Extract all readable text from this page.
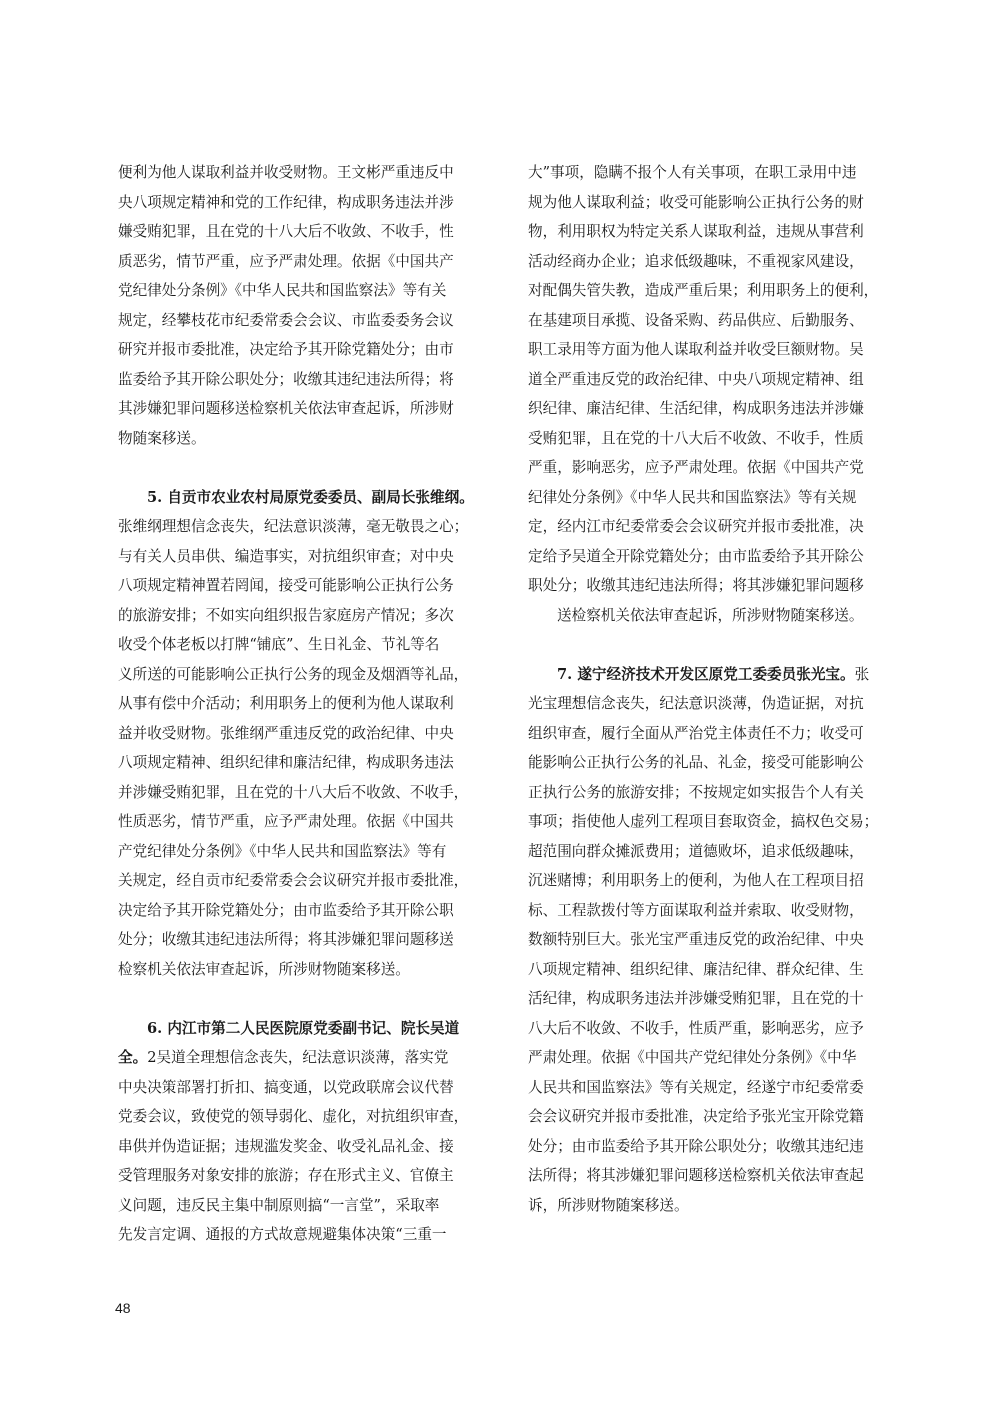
便利为他人谋取利益并收受财物。王文彬严重违反中
央八项规定精神和党的工作纪律，构成职务违法并涉
嫌受贿犯罪，且在党的十八大后不收敛、不收手，性
质恶劣，情节严重，应予严肃处理。依据《中国共产
党纪律处分条例》《中华人民共和国监察法》等有关
规定，经攀枝花市纪委常委会会议、市监委委务会议
研究并报市委批准，决定给予其开除党籍处分；由市
监委给予其开除公职处分；收缴其违纪违法所得；将
其涉嫌犯罪问题移送检察机关依法审查起诉，所涉财
物随案移送。
5. 自贡市农业农村局原党委委员、副局长张维纲。
张维纲理想信念丧失，纪法意识淡薄，毫无敬畏之心；
与有关人员串供、编造事实，对抗组织审查；对中央
八项规定精神置若罔闻，接受可能影响公正执行公务
的旅游安排；不如实向组织报告家庭房产情况；多次
收受个体老板以打牌“铺底”、生日礼金、节礼等名
义所送的可能影响公正执行公务的现金及烟酒等礼品，
从事有偿中介活动；利用职务上的便利为他人谋取利
益并收受财物。张维纲严重违反党的政治纪律、中央
八项规定精神、组织纪律和廉洁纪律，构成职务违法
并涉嫌受贿犯罪，且在党的十八大后不收敛、不收手，
性质恶劣，情节严重，应予严肃处理。依据《中国共
产党纪律处分条例》《中华人民共和国监察法》等有
关规定，经自贡市纪委常委会会议研究并报市委批准，
决定给予其开除党籍处分；由市监委给予其开除公职
处分；收缴其违纪违法所得；将其涉嫌犯罪问题移送
检察机关依法审查起诉，所涉财物随案移送。
6. 内江市第二人民医院原党委副书记、院长吴道
全。2吴道全理想信念丧失，纪法意识淡薄，落实党
中央决策部署打折扣、搞变通，以党政联席会议代替
党委会议，致使党的领导弱化、虚化，对抗组织审查，
串供并伪造证据；违规滥发奖金、收受礼品礼金、接
受管理服务对象安排的旅游；存在形式主义、官僚主
义问题，违反民主集中制原则搞“一言堂”，采取率
先发言定调、通报的方式故意规避集体决策“三重一
大”事项，隐瞒不报个人有关事项，在职工录用中违
规为他人谋取利益；收受可能影响公正执行公务的财
物，利用职权为特定关系人谋取利益，违规从事营利
活动经商办企业；追求低级趣味，不重视家风建设，
对配偶失管失教，造成严重后果；利用职务上的便利，
在基建项目承揽、设备采购、药品供应、后勤服务、
职工录用等方面为他人谋取利益并收受巨额财物。吴
道全严重违反党的政治纪律、中央八项规定精神、组
织纪律、廉洁纪律、生活纪律，构成职务违法并涉嫌
受贿犯罪，且在党的十八大后不收敛、不收手，性质
严重，影响恶劣，应予严肃处理。依据《中国共产党
纪律处分条例》《中华人民共和国监察法》等有关规
定，经内江市纪委常委会会议研究并报市委批准，决
定给予吴道全开除党籍处分；由市监委给予其开除公
职处分；收缴其违纪违法所得；将其涉嫌犯罪问题移
送检察机关依法审查起诉，所涉财物随案移送。
7. 遂宁经济技术开发区原党工委委员张光宝。张
光宝理想信念丧失，纪法意识淡薄，伪造证据，对抗
组织审查，履行全面从严治党主体责任不力；收受可
能影响公正执行公务的礼品、礼金，接受可能影响公
正执行公务的旅游安排；不按规定如实报告个人有关
事项；指使他人虚列工程项目套取资金，搞权色交易；
超范围向群众摊派费用；道德败坏，追求低级趣味，
沉迷赌博；利用职务上的便利，为他人在工程项目招
标、工程款拨付等方面谋取利益并索取、收受财物，
数额特别巨大。张光宝严重违反党的政治纪律、中央
八项规定精神、组织纪律、廉洁纪律、群众纪律、生
活纪律，构成职务违法并涉嫌受贿犯罪，且在党的十
八大后不收敛、不收手，性质严重，影响恶劣，应予
严肃处理。依据《中国共产党纪律处分条例》《中华
人民共和国监察法》等有关规定，经遂宁市纪委常委
会会议研究并报市委批准，决定给予张光宝开除党籍
处分；由市监委给予其开除公职处分；收缴其违纪违
法所得；将其涉嫌犯罪问题移送检察机关依法审查起
诉，所涉财物随案移送。
48
